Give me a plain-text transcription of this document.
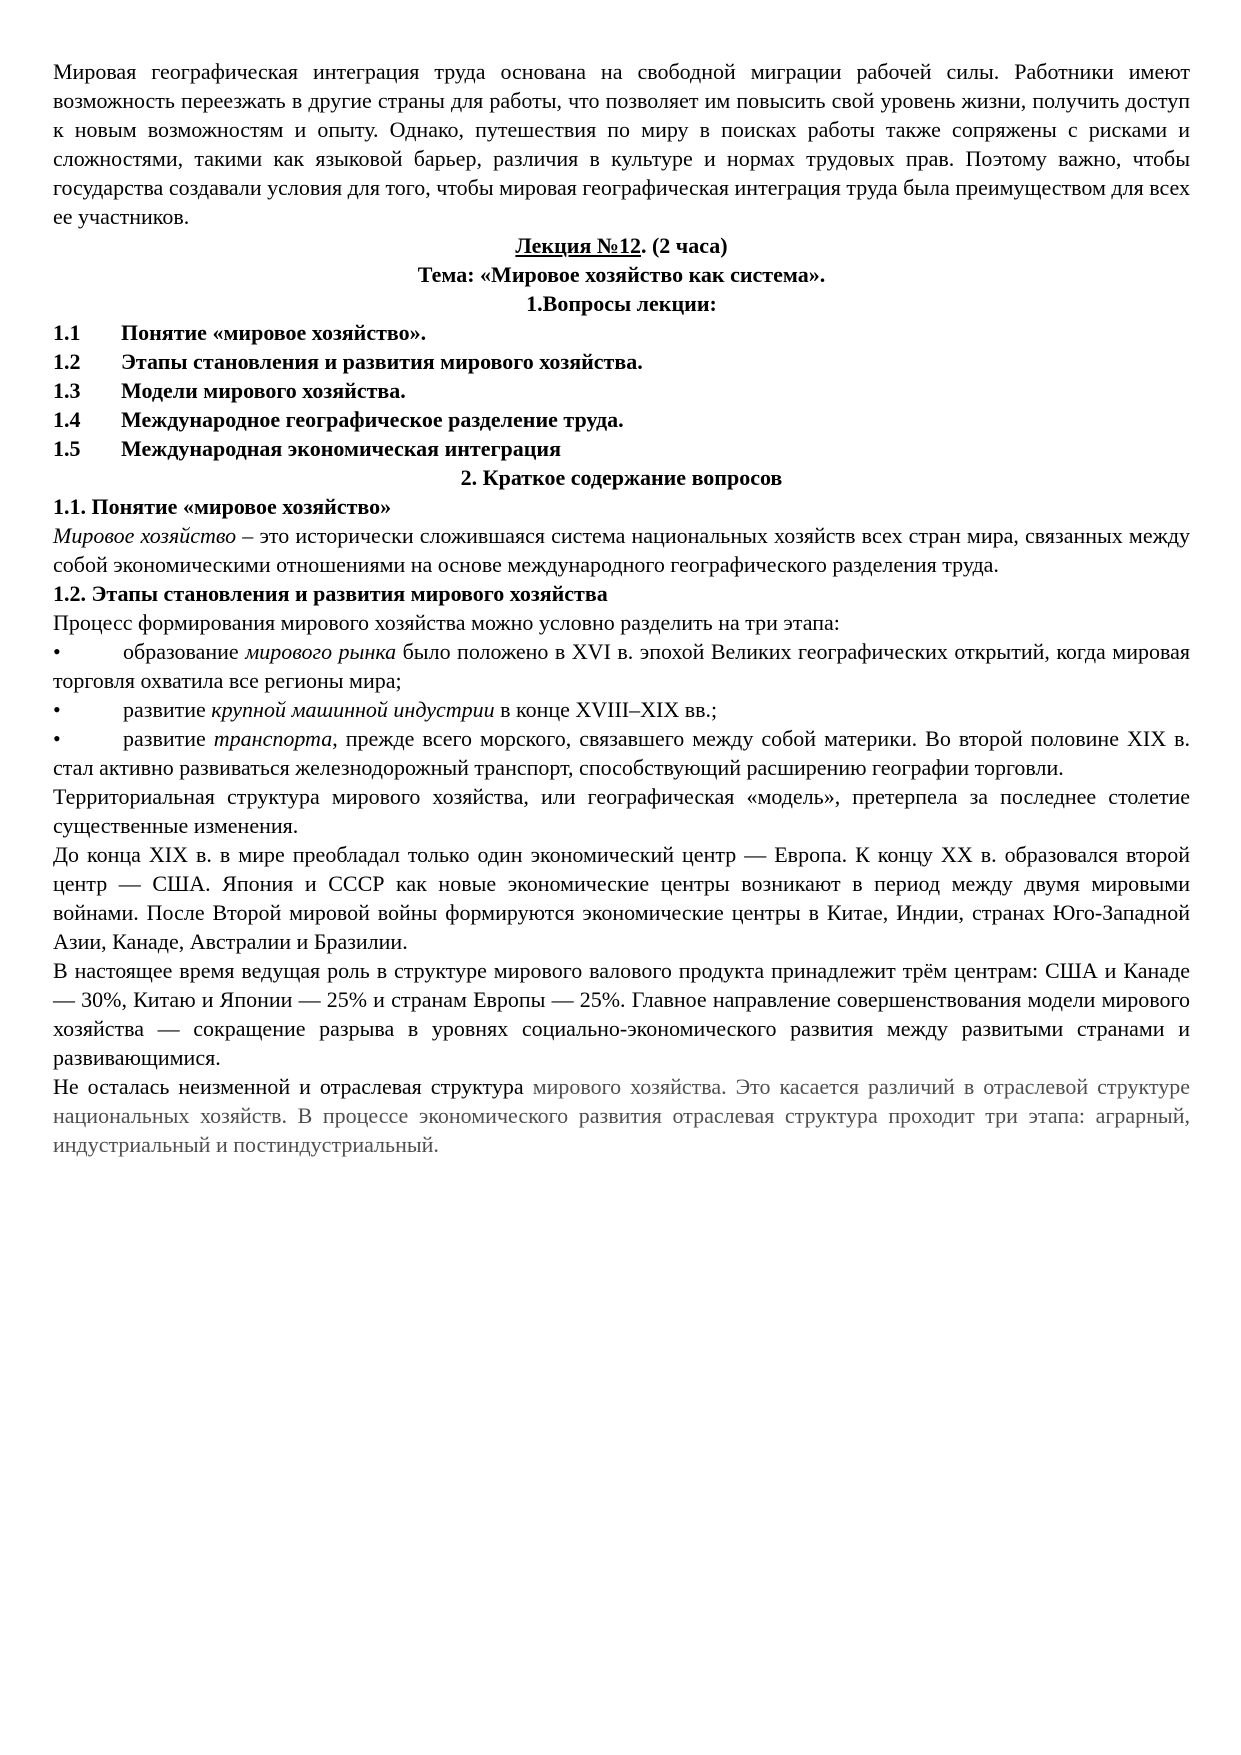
Мировая географическая интеграция труда основана на свободной миграции рабочей силы. Работники имеют возможность переезжать в другие страны для работы, что позволяет им повысить свой уровень жизни, получить доступ к новым возможностям и опыту. Однако, путешествия по миру в поисках работы также сопряжены с рисками и сложностями, такими как языковой барьер, различия в культуре и нормах трудовых прав. Поэтому важно, чтобы государства создавали условия для того, чтобы мировая географическая интеграция труда была преимуществом для всех ее участников.

Лекция №12. (2 часа)

Тема: «Мировое хозяйство как система».

1.Вопросы лекции:

1.1 Понятие «мировое хозяйство».

1.2 Этапы становления и развития мирового хозяйства.

1.3 Модели мирового хозяйства.

1.4 Международное географическое разделение труда.

1.5 Международная экономическая интеграция

2. Краткое содержание вопросов

1.1. Понятие «мировое хозяйство»

Мировое хозяйство – это исторически сложившаяся система национальных хозяйств всех стран мира, связанных между собой экономическими отношениями на основе международного географического разделения труда.

1.2. Этапы становления и развития мирового хозяйства

Процесс формирования мирового хозяйства можно условно разделить на три этапа:

•	образование мирового рынка было положено в XVI в. эпохой Великих географических открытий, когда мировая торговля охватила все регионы мира;

•	развитие крупной машинной индустрии в конце XVIII–XIX вв.;

•	развитие транспорта, прежде всего морского, связавшего между собой материки. Во второй половине XIX в. стал активно развиваться железнодорожный транспорт, способствующий расширению географии торговли.

Территориальная структура мирового хозяйства, или географическая «модель», претерпела за последнее столетие существенные изменения.

До конца XIX в. в мире преобладал только один экономический центр — Европа. К концу XX в. образовался второй центр — США. Япония и СССР как новые экономические центры возникают в период между двумя мировыми войнами. После Второй мировой войны формируются экономические центры в Китае, Индии, странах Юго-Западной Азии, Канаде, Австралии и Бразилии.

В настоящее время ведущая роль в структуре мирового валового продукта принадлежит трём центрам: США и Канаде — 30%, Китаю и Японии — 25% и странам Европы — 25%. Главное направление совершенствования модели мирового хозяйства — сокращение разрыва в уровнях социально-экономического развития между развитыми странами и развивающимися.

Не осталась неизменной и отраслевая структура мирового хозяйства. Это касается различий в отраслевой структуре национальных хозяйств. В процессе экономического развития отраслевая структура проходит три этапа: аграрный, индустриальный и постиндустриальный.
